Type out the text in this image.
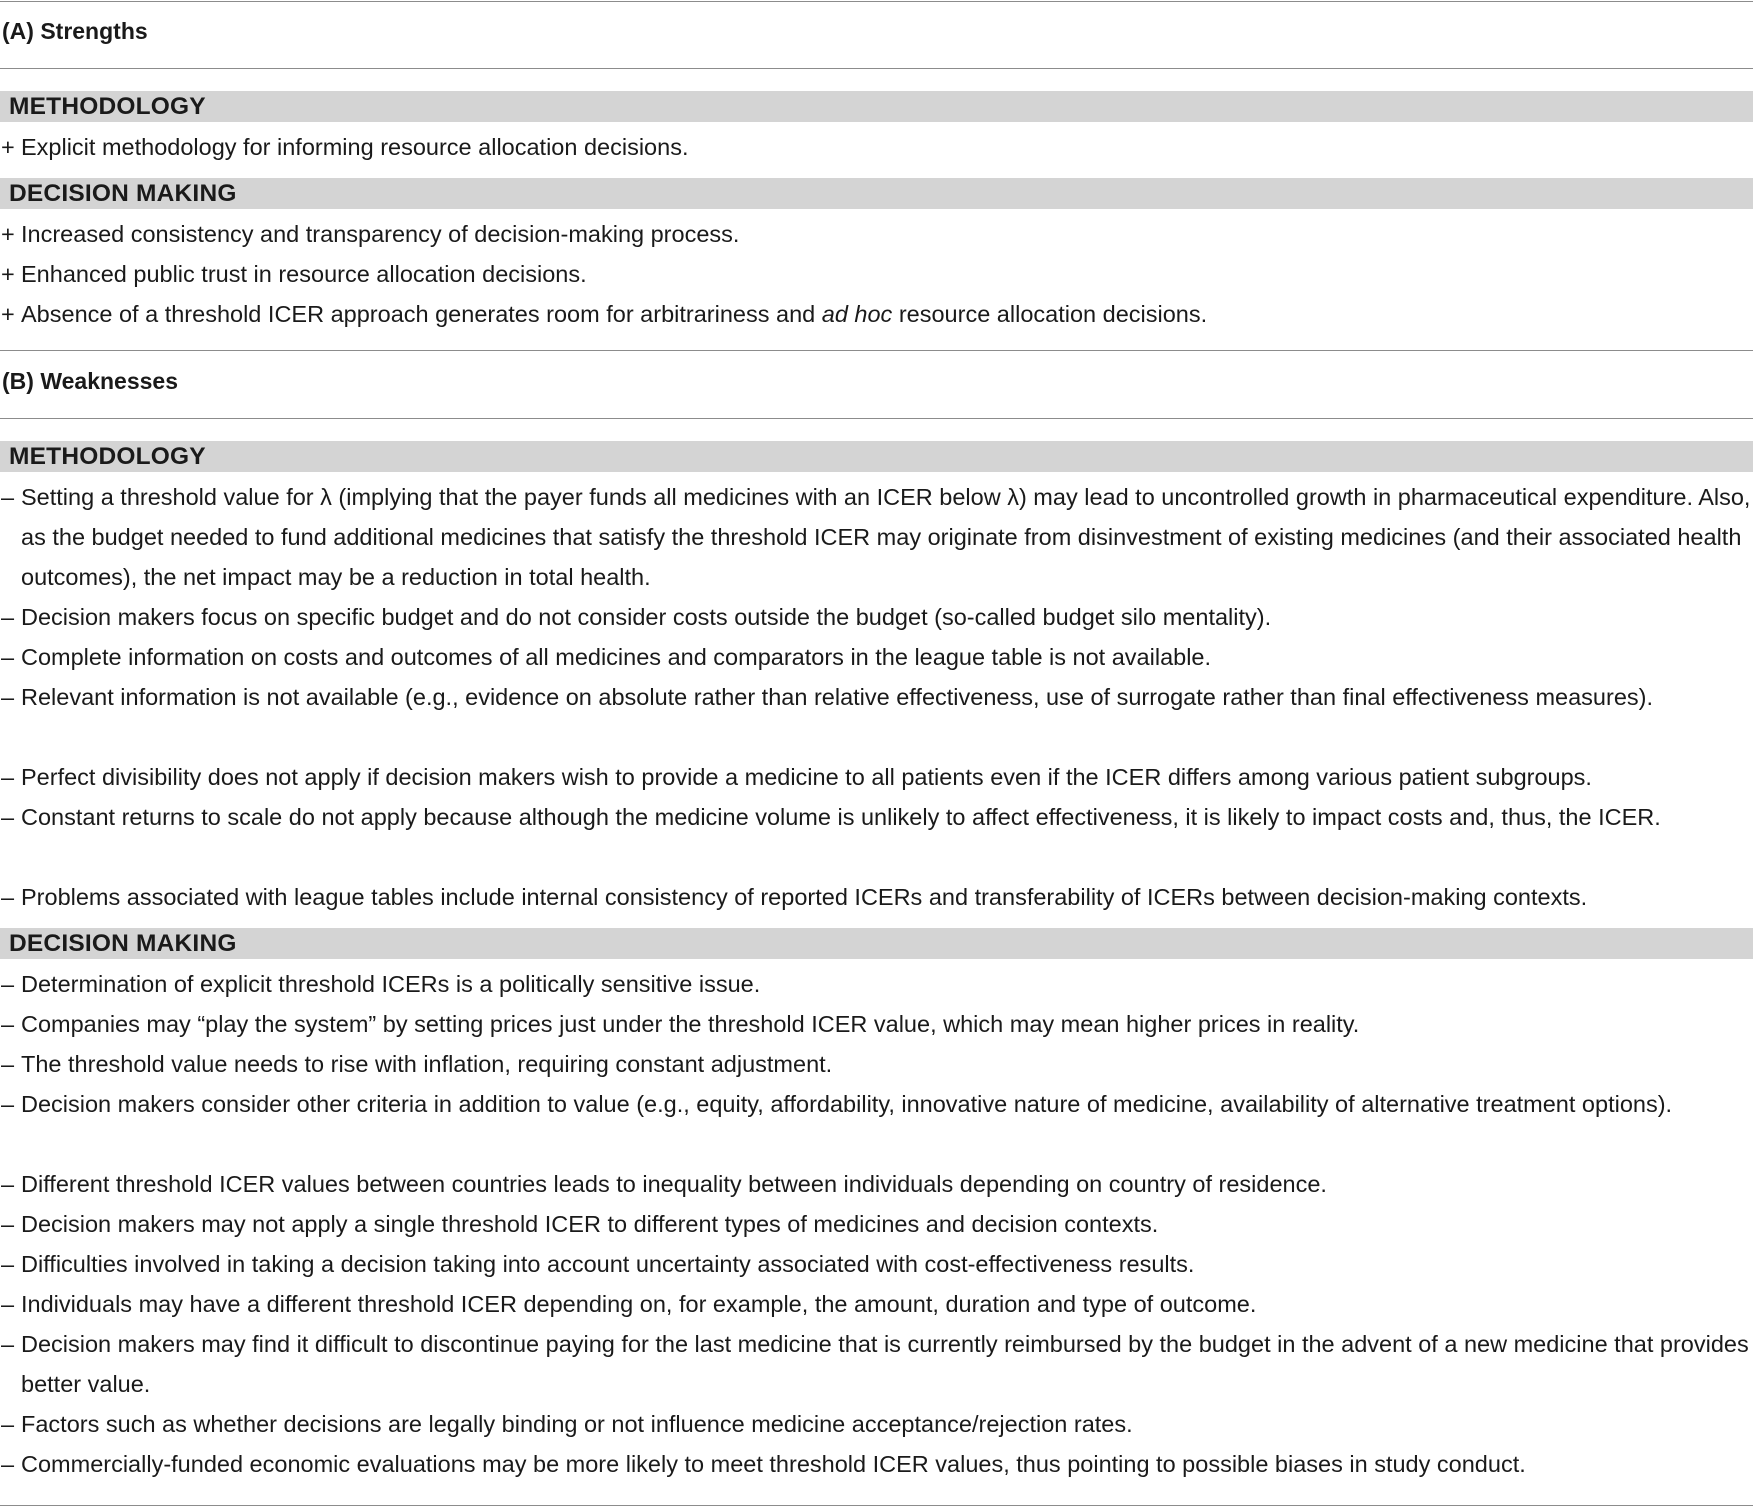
(A) Strengths
METHODOLOGY
+ Explicit methodology for informing resource allocation decisions.
DECISION MAKING
+ Increased consistency and transparency of decision-making process.
+ Enhanced public trust in resource allocation decisions.
+ Absence of a threshold ICER approach generates room for arbitrariness and ad hoc resource allocation decisions.
(B) Weaknesses
METHODOLOGY
– Setting a threshold value for λ (implying that the payer funds all medicines with an ICER below λ) may lead to uncontrolled growth in pharmaceutical expenditure. Also, as the budget needed to fund additional medicines that satisfy the threshold ICER may originate from disinvestment of existing medicines (and their associated health outcomes), the net impact may be a reduction in total health.
– Decision makers focus on specific budget and do not consider costs outside the budget (so-called budget silo mentality).
– Complete information on costs and outcomes of all medicines and comparators in the league table is not available.
– Relevant information is not available (e.g., evidence on absolute rather than relative effectiveness, use of surrogate rather than final effectiveness measures).
– Perfect divisibility does not apply if decision makers wish to provide a medicine to all patients even if the ICER differs among various patient subgroups.
– Constant returns to scale do not apply because although the medicine volume is unlikely to affect effectiveness, it is likely to impact costs and, thus, the ICER.
– Problems associated with league tables include internal consistency of reported ICERs and transferability of ICERs between decision-making contexts.
DECISION MAKING
– Determination of explicit threshold ICERs is a politically sensitive issue.
– Companies may “play the system” by setting prices just under the threshold ICER value, which may mean higher prices in reality.
– The threshold value needs to rise with inflation, requiring constant adjustment.
– Decision makers consider other criteria in addition to value (e.g., equity, affordability, innovative nature of medicine, availability of alternative treatment options).
– Different threshold ICER values between countries leads to inequality between individuals depending on country of residence.
– Decision makers may not apply a single threshold ICER to different types of medicines and decision contexts.
– Difficulties involved in taking a decision taking into account uncertainty associated with cost-effectiveness results.
– Individuals may have a different threshold ICER depending on, for example, the amount, duration and type of outcome.
– Decision makers may find it difficult to discontinue paying for the last medicine that is currently reimbursed by the budget in the advent of a new medicine that provides better value.
– Factors such as whether decisions are legally binding or not influence medicine acceptance/rejection rates.
– Commercially-funded economic evaluations may be more likely to meet threshold ICER values, thus pointing to possible biases in study conduct.
